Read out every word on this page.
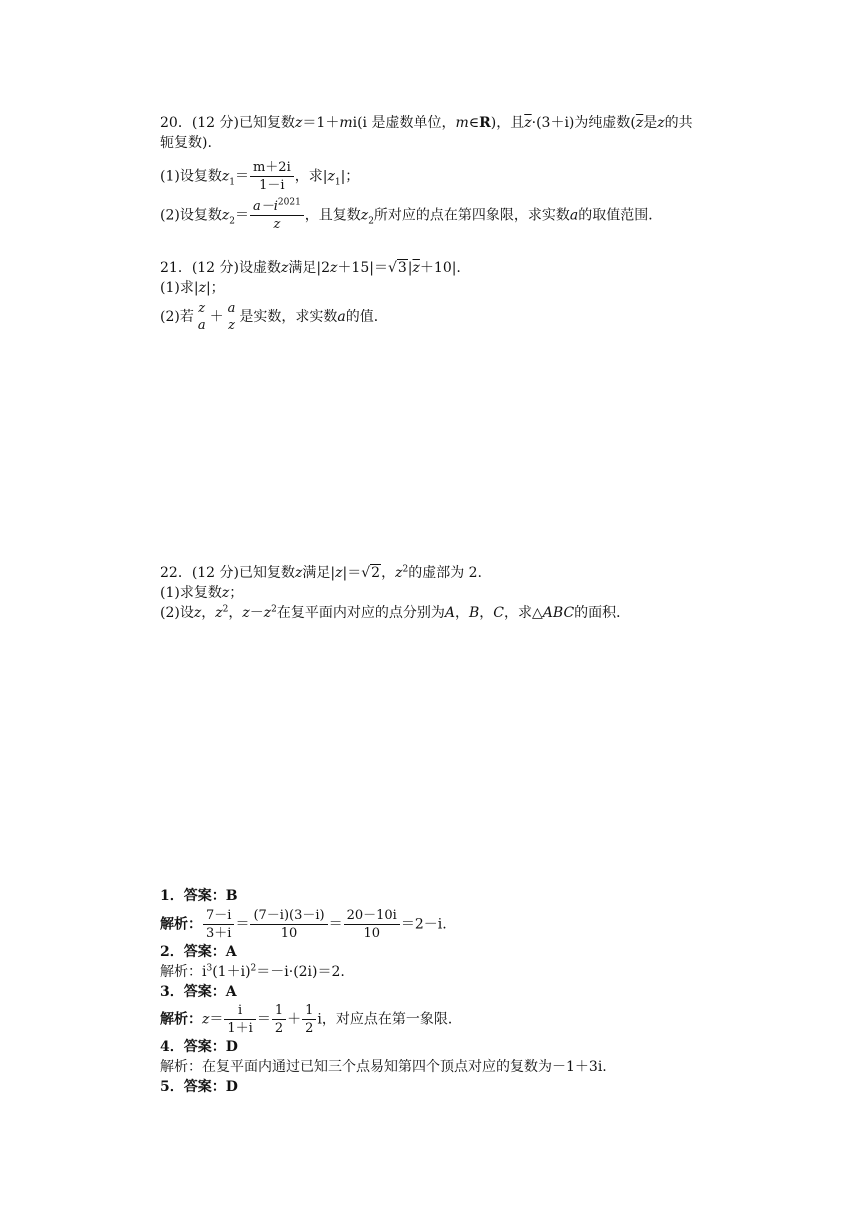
20．(12 分)已知复数z＝1＋mi(i 是虚数单位，m∈R)，且$\overline{z}\cdot(3+i)$为纯虚数($\overline{z}$是z的共
轭复数).
(1)设复数$z_1= \frac{m+2i}{1-i}$ ，求$|z_1|$；
(2)设复数$z_2= \frac{a-i^{2021}}{z}$ ，且复数$z_2$所对应的点在第四象限，求实数a的取值范围．
21．(12 分)设虚数z满足$|2z+15|=√3|\overline{z}+10|$.
(1)求|z|；
(2)若
z
a
＋
a
z
是实数，求实数a的值．
22．(12 分)已知复数z满足|z|＝√2，$z^2$的虚部为 2.
(1)求复数z；
(2)设z，$z^2$，$z-z^2$在复平面内对应的点分别为A，B，C，求△ABC的面积．
1．答案：B
解析： $\frac{7-i}{3+i} = \frac{(7-i)(3-i)}{10} = \frac{20-10i}{10} =2-i$.
2．答案：A
解析：$i^3(1+i)^2=-i\cdot(2i)=2$.
3．答案：A
解析：$z= \frac{i}{1+i} = \frac{1}{2} + \frac{1}{2}$ i，对应点在第一象限．
4．答案：D
解析：在复平面内通过已知三个点易知第四个顶点对应的复数为－1＋3i.
5．答案：D
